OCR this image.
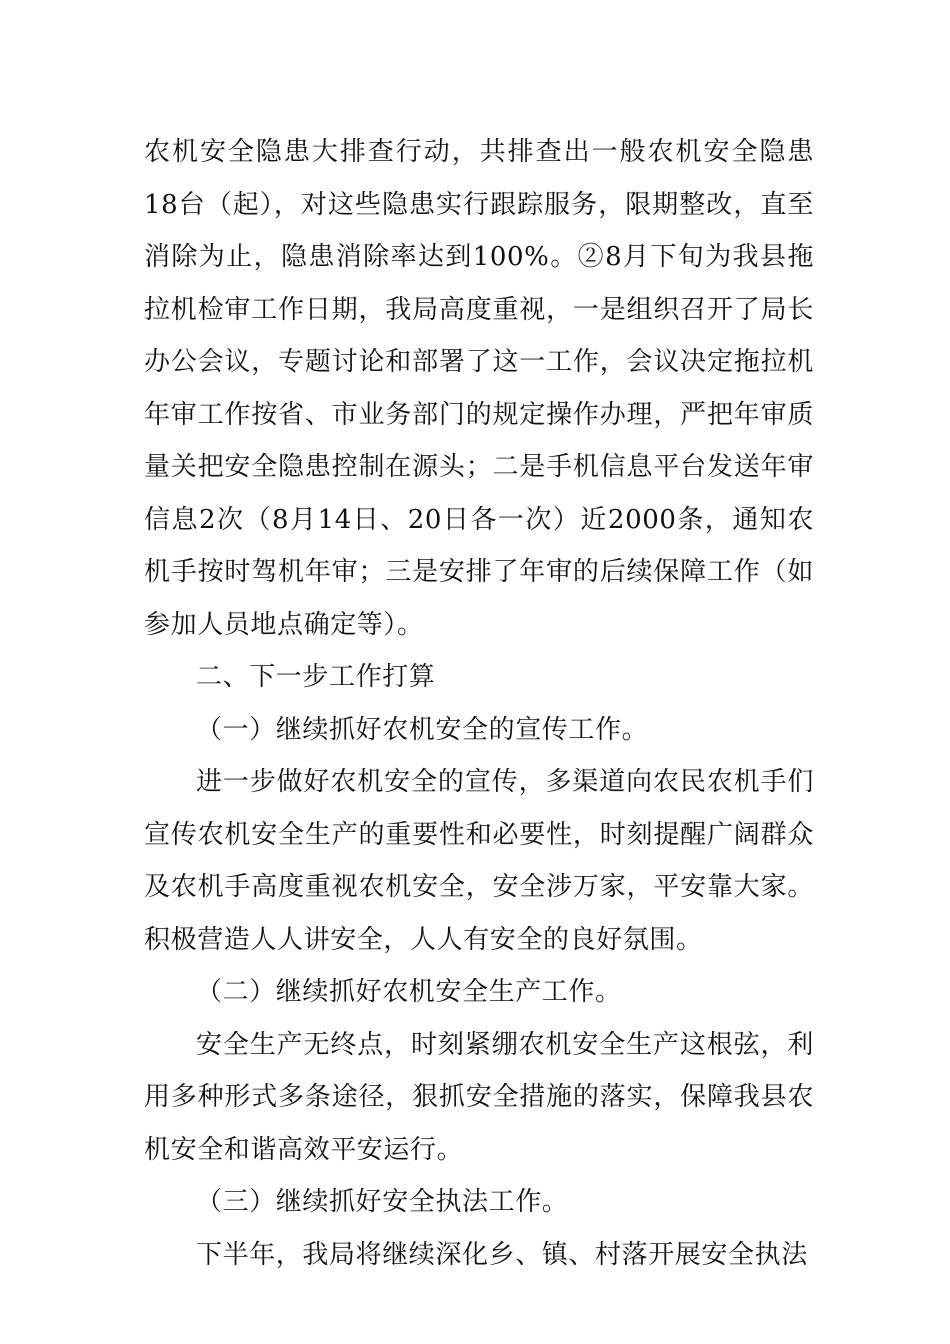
农机安全隐患大排查行动，共排查出一般农机安全隐患18台（起），对这些隐患实行跟踪服务，限期整改，直至消除为止，隐患消除率达到100%。②8月下旬为我县拖拉机检审工作日期，我局高度重视，一是组织召开了局长办公会议，专题讨论和部署了这一工作，会议决定拖拉机年审工作按省、市业务部门的规定操作办理，严把年审质量关把安全隐患控制在源头；二是手机信息平台发送年审信息2次（8月14日、20日各一次）近2000条，通知农机手按时驾机年审；三是安排了年审的后续保障工作（如参加人员地点确定等）。

二、下一步工作打算

（一）继续抓好农机安全的宣传工作。

进一步做好农机安全的宣传，多渠道向农民农机手们宣传农机安全生产的重要性和必要性，时刻提醒广阔群众及农机手高度重视农机安全，安全涉万家，平安靠大家。积极营造人人讲安全，人人有安全的良好氛围。

（二）继续抓好农机安全生产工作。

安全生产无终点，时刻紧绷农机安全生产这根弦，利用多种形式多条途径，狠抓安全措施的落实，保障我县农机安全和谐高效平安运行。

（三）继续抓好安全执法工作。

下半年，我局将继续深化乡、镇、村落开展安全执法
